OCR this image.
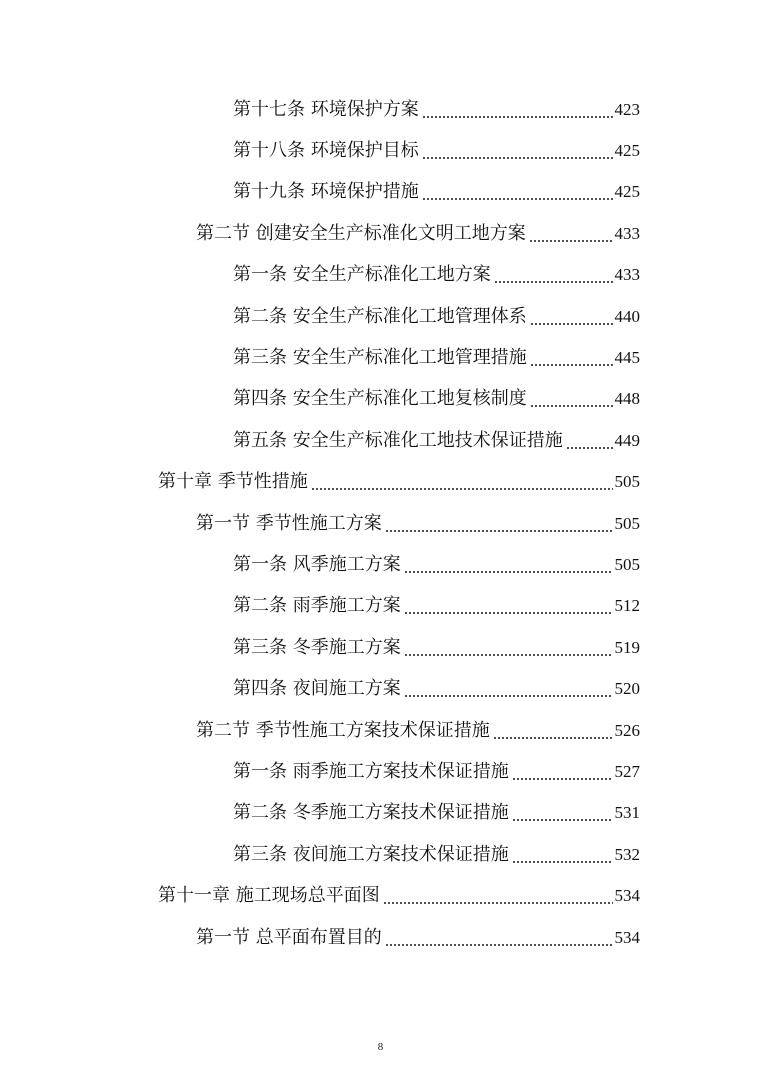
第十七条 环境保护方案	423
第十八条 环境保护目标	425
第十九条 环境保护措施	425
第二节 创建安全生产标准化文明工地方案	433
第一条 安全生产标准化工地方案	433
第二条 安全生产标准化工地管理体系	440
第三条 安全生产标准化工地管理措施	445
第四条 安全生产标准化工地复核制度	448
第五条 安全生产标准化工地技术保证措施	449
第十章 季节性措施	505
第一节 季节性施工方案	505
第一条 风季施工方案	505
第二条 雨季施工方案	512
第三条 冬季施工方案	519
第四条 夜间施工方案	520
第二节 季节性施工方案技术保证措施	526
第一条 雨季施工方案技术保证措施	527
第二条 冬季施工方案技术保证措施	531
第三条 夜间施工方案技术保证措施	532
第十一章 施工现场总平面图	534
第一节 总平面布置目的	534
8
